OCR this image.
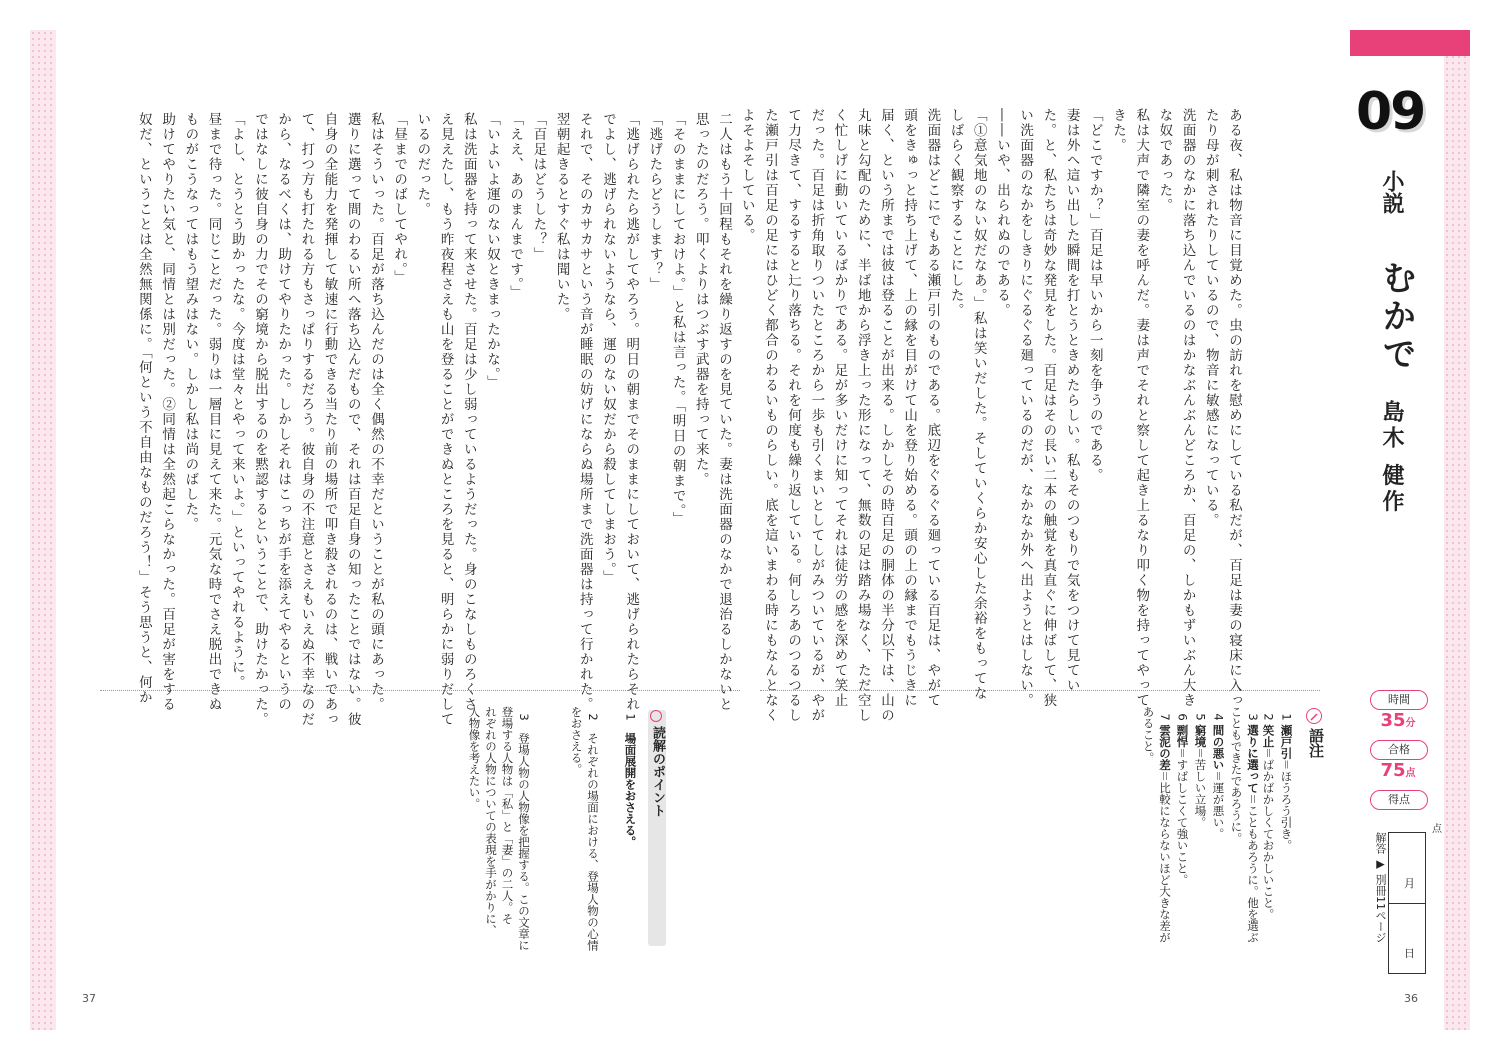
ある夜、私は物音に目覚めた。虫の訪れを慰めにしている私だが、百足は妻の寝床に入っ
たり母が刺されたりしているので、物音に敏感になっている。
洗面器のなかに落ち込んでいるのはかなぶんぶんどころか、百足の、しかもずいぶん大き
な奴であった。
私は大声で隣室の妻を呼んだ。妻は声でそれと察して起き上るなり叩く物を持ってやって
きた。
「どこですか？」百足は早いから一刻を争うのである。
妻は外へ這い出した瞬間を打とうときめたらしい。私もそのつもりで気をつけて見てい
た。と、私たちは奇妙な発見をした。百足はその長い二本の触覚を真直ぐに伸ばして、狭
い洗面器のなかをしきりにぐるぐる廻っているのだが、なかなか外へ出ようとはしない。
――いや、出られぬのである。
「①意気地のない奴だなあ。」私は笑いだした。そしていくらか安心した余裕をもってな
しばらく観察することにした。
洗面器はどこにでもある瀬戸引のものである。底辺をぐるぐる廻っている百足は、やがて
頭をきゅっと持ち上げて、上の縁を目がけて山を登り始める。頭の上の縁までもうじきに
届く、という所までは彼は登ることが出来る。しかしその時百足の胴体の半分以下は、山の
丸味と勾配のために、半ば地から浮き上った形になって、無数の足は踏み場なく、ただ空し
く忙しげに動いているばかりである。足が多いだけに知ってそれは徒労の感を深めて笑止
だった。百足は折角取りついたところから一歩も引くまいとしてしがみついているが、やが
て力尽きて、するすると辷り落ちる。それを何度も繰り返している。何しろあのつるつるし
た瀬戸引は百足の足にはひどく都合のわるいものらしい。底を這いまわる時にもなんとなく
よそよそしている。
二人はもう十回程もそれを繰り返すのを見ていた。妻は洗面器のなかで退治るしかないと
思ったのだろう。叩くよりはつぶす武器を持って来た。
「そのままにしておけよ。」と私は言った。「明日の朝まで。」
「逃げたらどうします？」
「逃げられたら逃がしてやろう。明日の朝までそのままにしておいて、逃げられたらそれ
でよし、逃げられないようなら、運のない奴だから殺してしまおう。」
それで、そのカサカサという音が睡眠の妨げにならぬ場所まで洗面器は持って行かれた。
翌朝起きるとすぐ私は聞いた。
「百足はどうした？」
「ええ、あのまんまです。」
「いよいよ運のない奴ときまったかな。」
私は洗面器を持って来させた。百足は少し弱っているようだった。身のこなしものろくさ
え見えたし、もう昨夜程さえも山を登ることができぬところを見ると、明らかに弱りだして
いるのだった。
「昼までのばしてやれ。」
私はそういった。百足が落ち込んだのは全く偶然の不幸だということが私の頭にあった。
選りに選って間のわるい所へ落ち込んだもので、それは百足自身の知ったことではない。彼
自身の全能力を発揮して敏速に行動できる当たり前の場所で叩き殺されるのは、戦いであっ
て、打つ方も打たれる方もさっぱりするだろう。彼自身の不注意とさえもいえぬ不幸なのだ
から、なるべくは、助けてやりたかった。しかしそれはこっちが手を添えてやるというの
ではなしに彼自身の力でその窮境から脱出するのを黙認するということで、助けたかった。
「よし、とうとう助かったな。今度は堂々とやって来いよ。」といってやれるように。
昼まで待った。同じことだった。弱りは一層目に見えて来た。元気な時でさえ脱出できぬ
ものがこうなってはもう望みはない。しかし私は尚のばした。
助けてやりたい気と、同情とは別だった。②同情は全然起こらなかった。百足が害をする
奴だ、ということは全然無関係に。「何という不自由なものだろう！」そう思うと、何か	09
小説
むかで
島木 健作
時間
35分
合格
75点
得点
点
解答 ▶ 別冊11ページ 月
日
語注

1 瀬戸引＝ほうろう引き。

2 笑止＝ばかばかしくておかしいこと。

3 選りに選って＝こともあろうに。他を選ぶ
こともできたであろうに。

4 間の悪い＝運が悪い。

5 窮境＝苦しい立場。

6 剽悍＝すばしこくて強いこと。

7 雲泥の差＝比較にならないほど大きな差が
あること。

読解のポイント

1　場面展開をおさえる。

2　それぞれの場面における、登場人物の心情
をおさえる。

3　登場人物の人物像を把握する。この文章に
登場する人物は「私」と「妻」の二人。そ
れぞれの人物についての表現を手がかりに、
人物像を考えたい。

37	36
